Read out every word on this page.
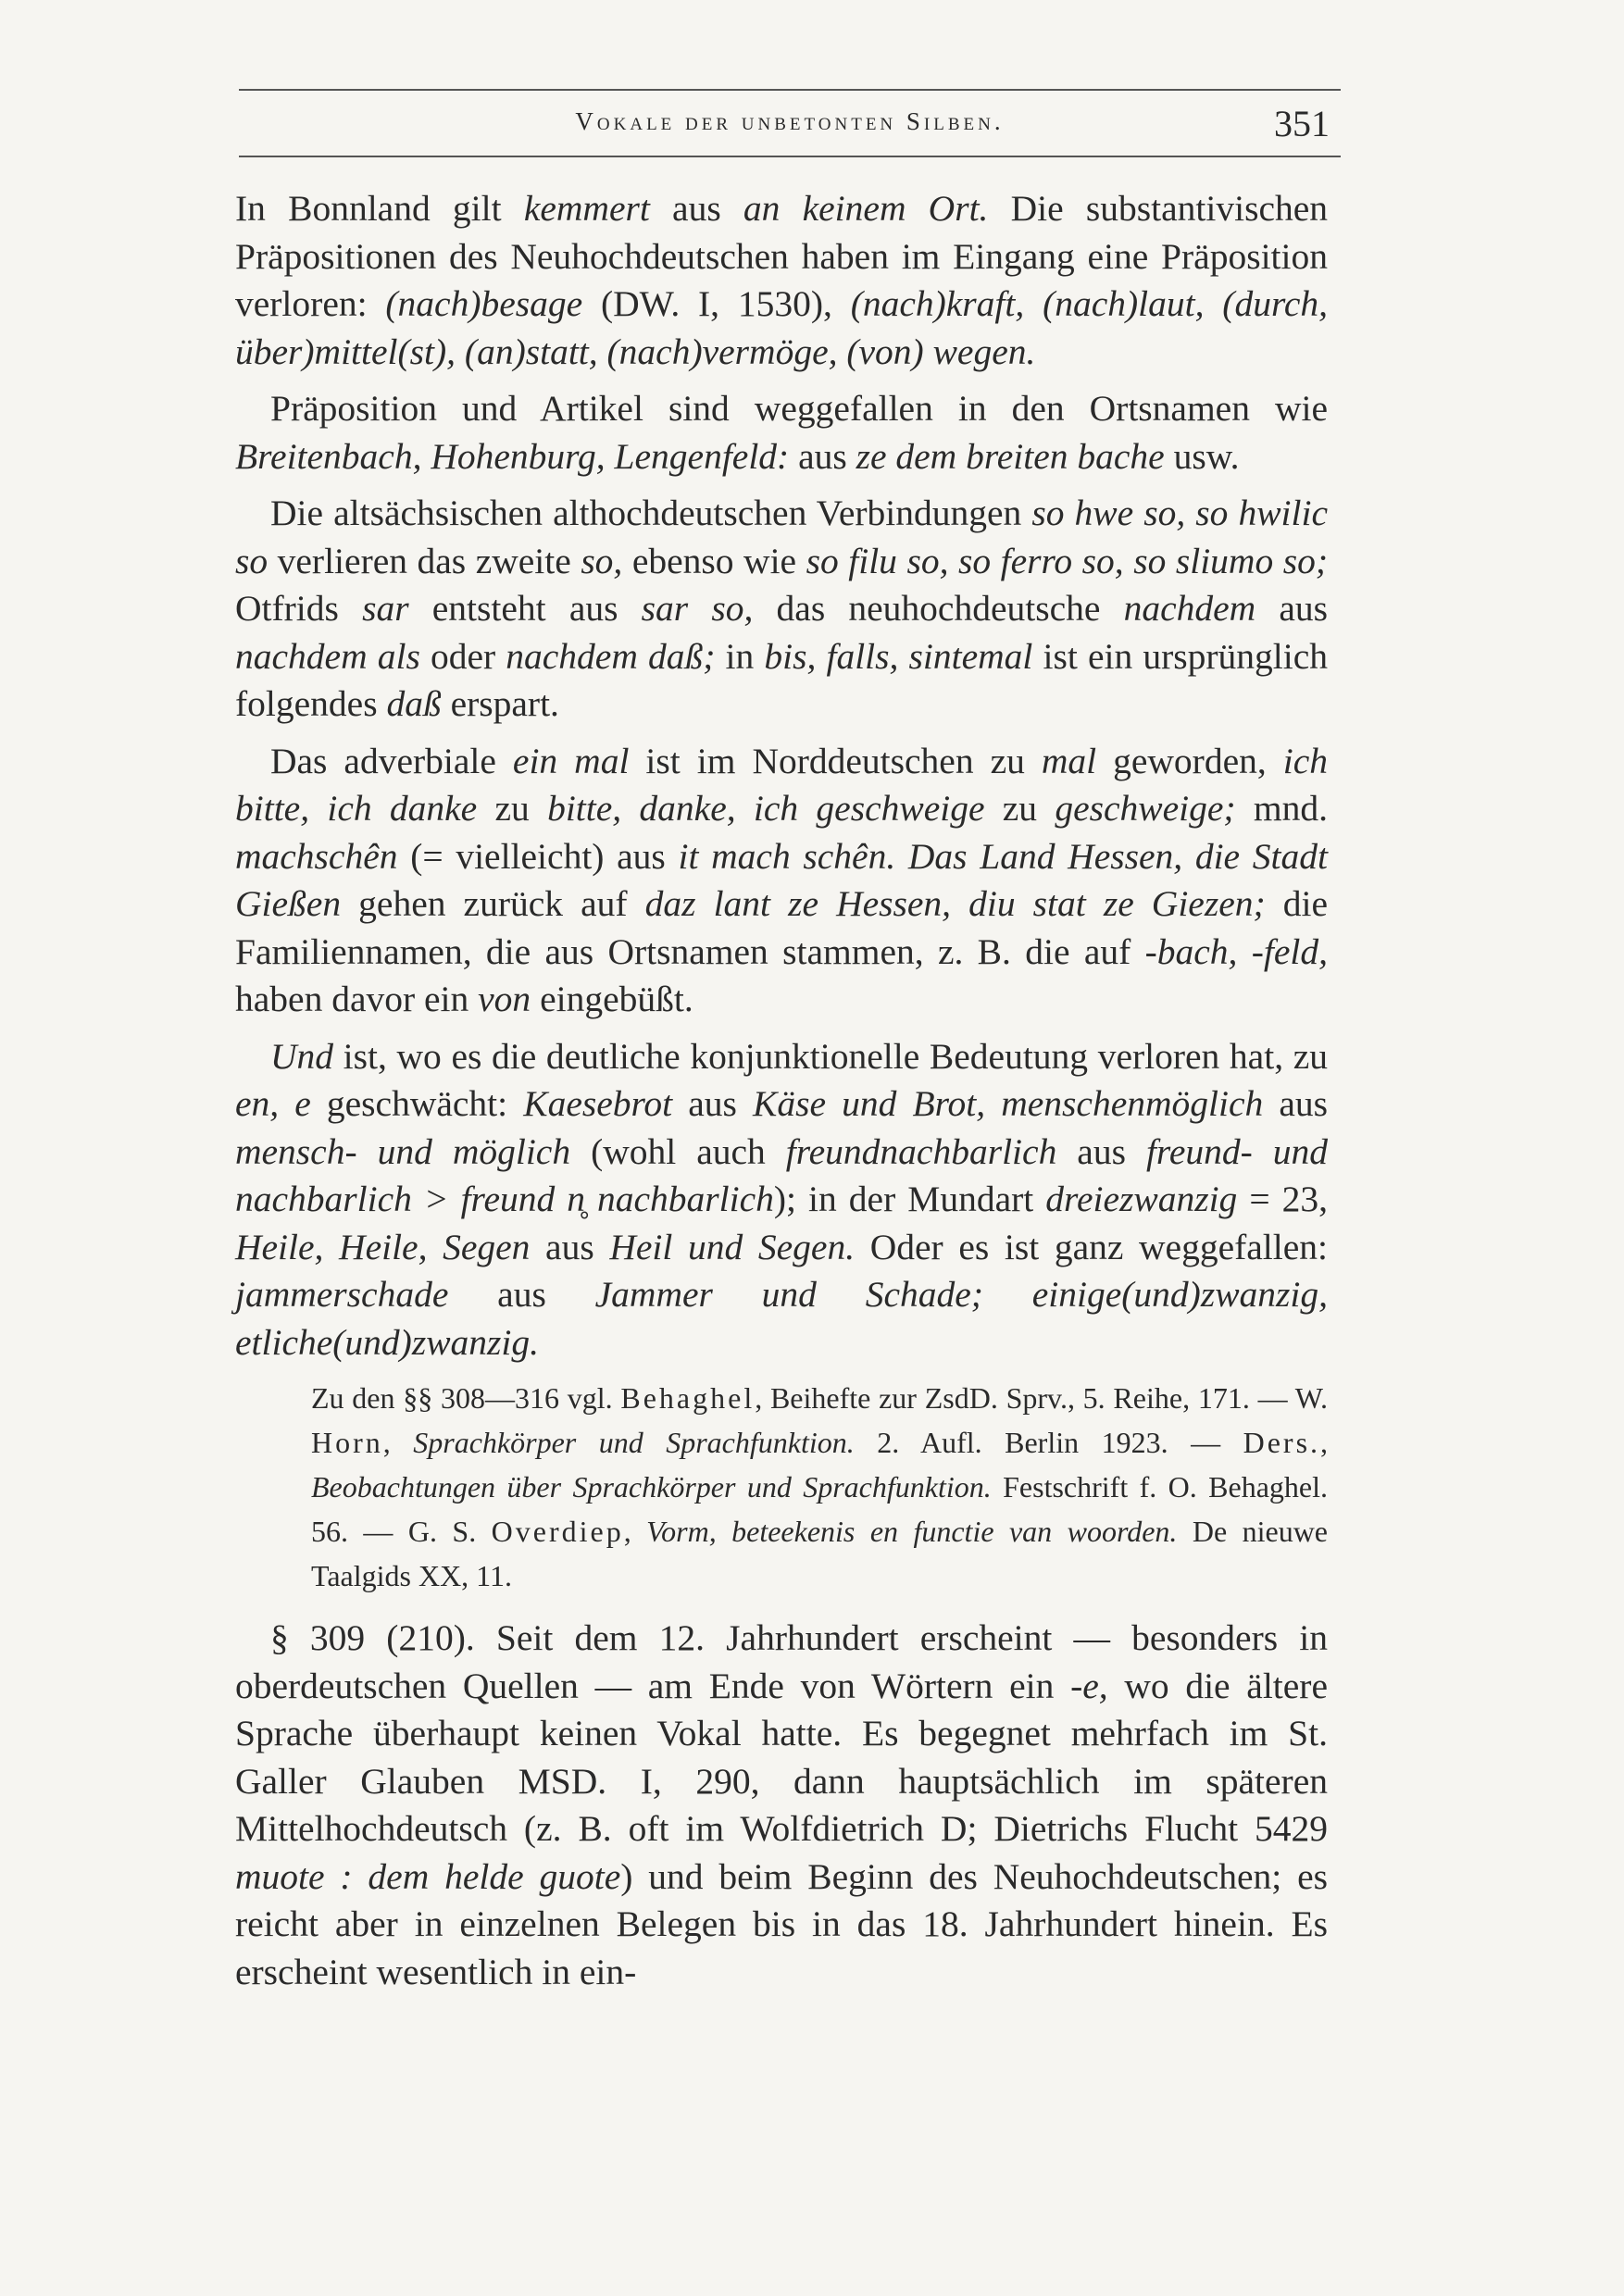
Vokale der unbetonten Silben.	351

In Bonnland gilt kemmert aus an keinem Ort. Die substantivischen Präpositionen des Neuhochdeutschen haben im Eingang eine Präposition verloren: (nach)besage (DW. I, 1530), (nach)kraft, (nach)laut, (durch, über)mittel(st), (an)statt, (nach)vermöge, (von) wegen.

Präposition und Artikel sind weggefallen in den Ortsnamen wie Breitenbach, Hohenburg, Lengenfeld: aus ze dem breiten bache usw.

Die altsächsischen althochdeutschen Verbindungen so hwe so, so hwilic so verlieren das zweite so, ebenso wie so filu so, so ferro so, so sliumo so; Otfrids sar entsteht aus sar so, das neuhochdeutsche nachdem aus nachdem als oder nachdem daß; in bis, falls, sintemal ist ein ursprünglich folgendes daß erspart.

Das adverbiale ein mal ist im Norddeutschen zu mal geworden, ich bitte, ich danke zu bitte, danke, ich geschweige zu geschweige; mnd. machschên (= vielleicht) aus it mach schên. Das Land Hessen, die Stadt Gießen gehen zurück auf daz lant ze Hessen, diu stat ze Giezen; die Familiennamen, die aus Ortsnamen stammen, z. B. die auf -bach, -feld, haben davor ein von eingebüßt.

Und ist, wo es die deutliche konjunktionelle Bedeutung verloren hat, zu en, e geschwächt: Kaesebrot aus Käse und Brot, menschenmöglich aus mensch- und möglich (wohl auch freundnachbarlich aus freund- und nachbarlich > freund n̥ nachbarlich); in der Mundart dreiezwanzig = 23, Heile, Heile, Segen aus Heil und Segen. Oder es ist ganz weggefallen: jammerschade aus Jammer und Schade; einige(und)zwanzig, etliche(und)zwanzig.

Zu den §§ 308—316 vgl. Behaghel, Beihefte zur ZsdD. Sprv., 5. Reihe, 171. — W. Horn, Sprachkörper und Sprachfunktion. 2. Aufl. Berlin 1923. — Ders., Beobachtungen über Sprachkörper und Sprachfunktion. Festschrift f. O. Behaghel. 56. — G. S. Overdiep, Vorm, beteekenis en functie van woorden. De nieuwe Taalgids XX, 11.

§ 309 (210). Seit dem 12. Jahrhundert erscheint — besonders in oberdeutschen Quellen — am Ende von Wörtern ein -e, wo die ältere Sprache überhaupt keinen Vokal hatte. Es begegnet mehrfach im St. Galler Glauben MSD. I, 290, dann hauptsächlich im späteren Mittelhochdeutsch (z. B. oft im Wolfdietrich D; Dietrichs Flucht 5429 muote : dem helde guote) und beim Beginn des Neuhochdeutschen; es reicht aber in einzelnen Belegen bis in das 18. Jahrhundert hinein. Es erscheint wesentlich in ein-
